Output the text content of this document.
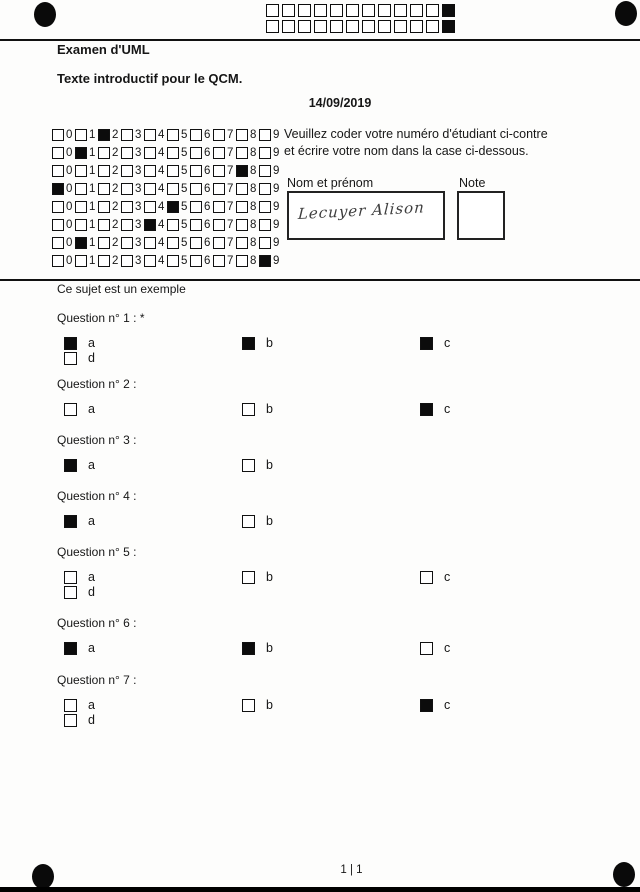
Examen d'UML
Texte introductif pour le QCM.
14/09/2019
0 1 2 3 4 5 6 7 8 9
0 1 2 3 4 5 6 7 8 9
0 1 2 3 4 5 6 7 8 9
0 1 2 3 4 5 6 7 8 9
0 1 2 3 4 5 6 7 8 9
0 1 2 3 4 5 6 7 8 9
0 1 2 3 4 5 6 7 8 9
0 1 2 3 4 5 6 7 8 9
Veuillez coder votre numéro d'étudiant ci-contre
et écrire votre nom dans la case ci-dessous.
Nom et prénom	Note
Lecuyer Alison
Ce sujet est un exemple
Question n° 1 : *
a	b	c
d
Question n° 2 :
a	b	c
Question n° 3 :
a	b
Question n° 4 :
a	b
Question n° 5 :
a	b	c
d
Question n° 6 :
a	b	c
Question n° 7 :
a	b	c
d
1 | 1
